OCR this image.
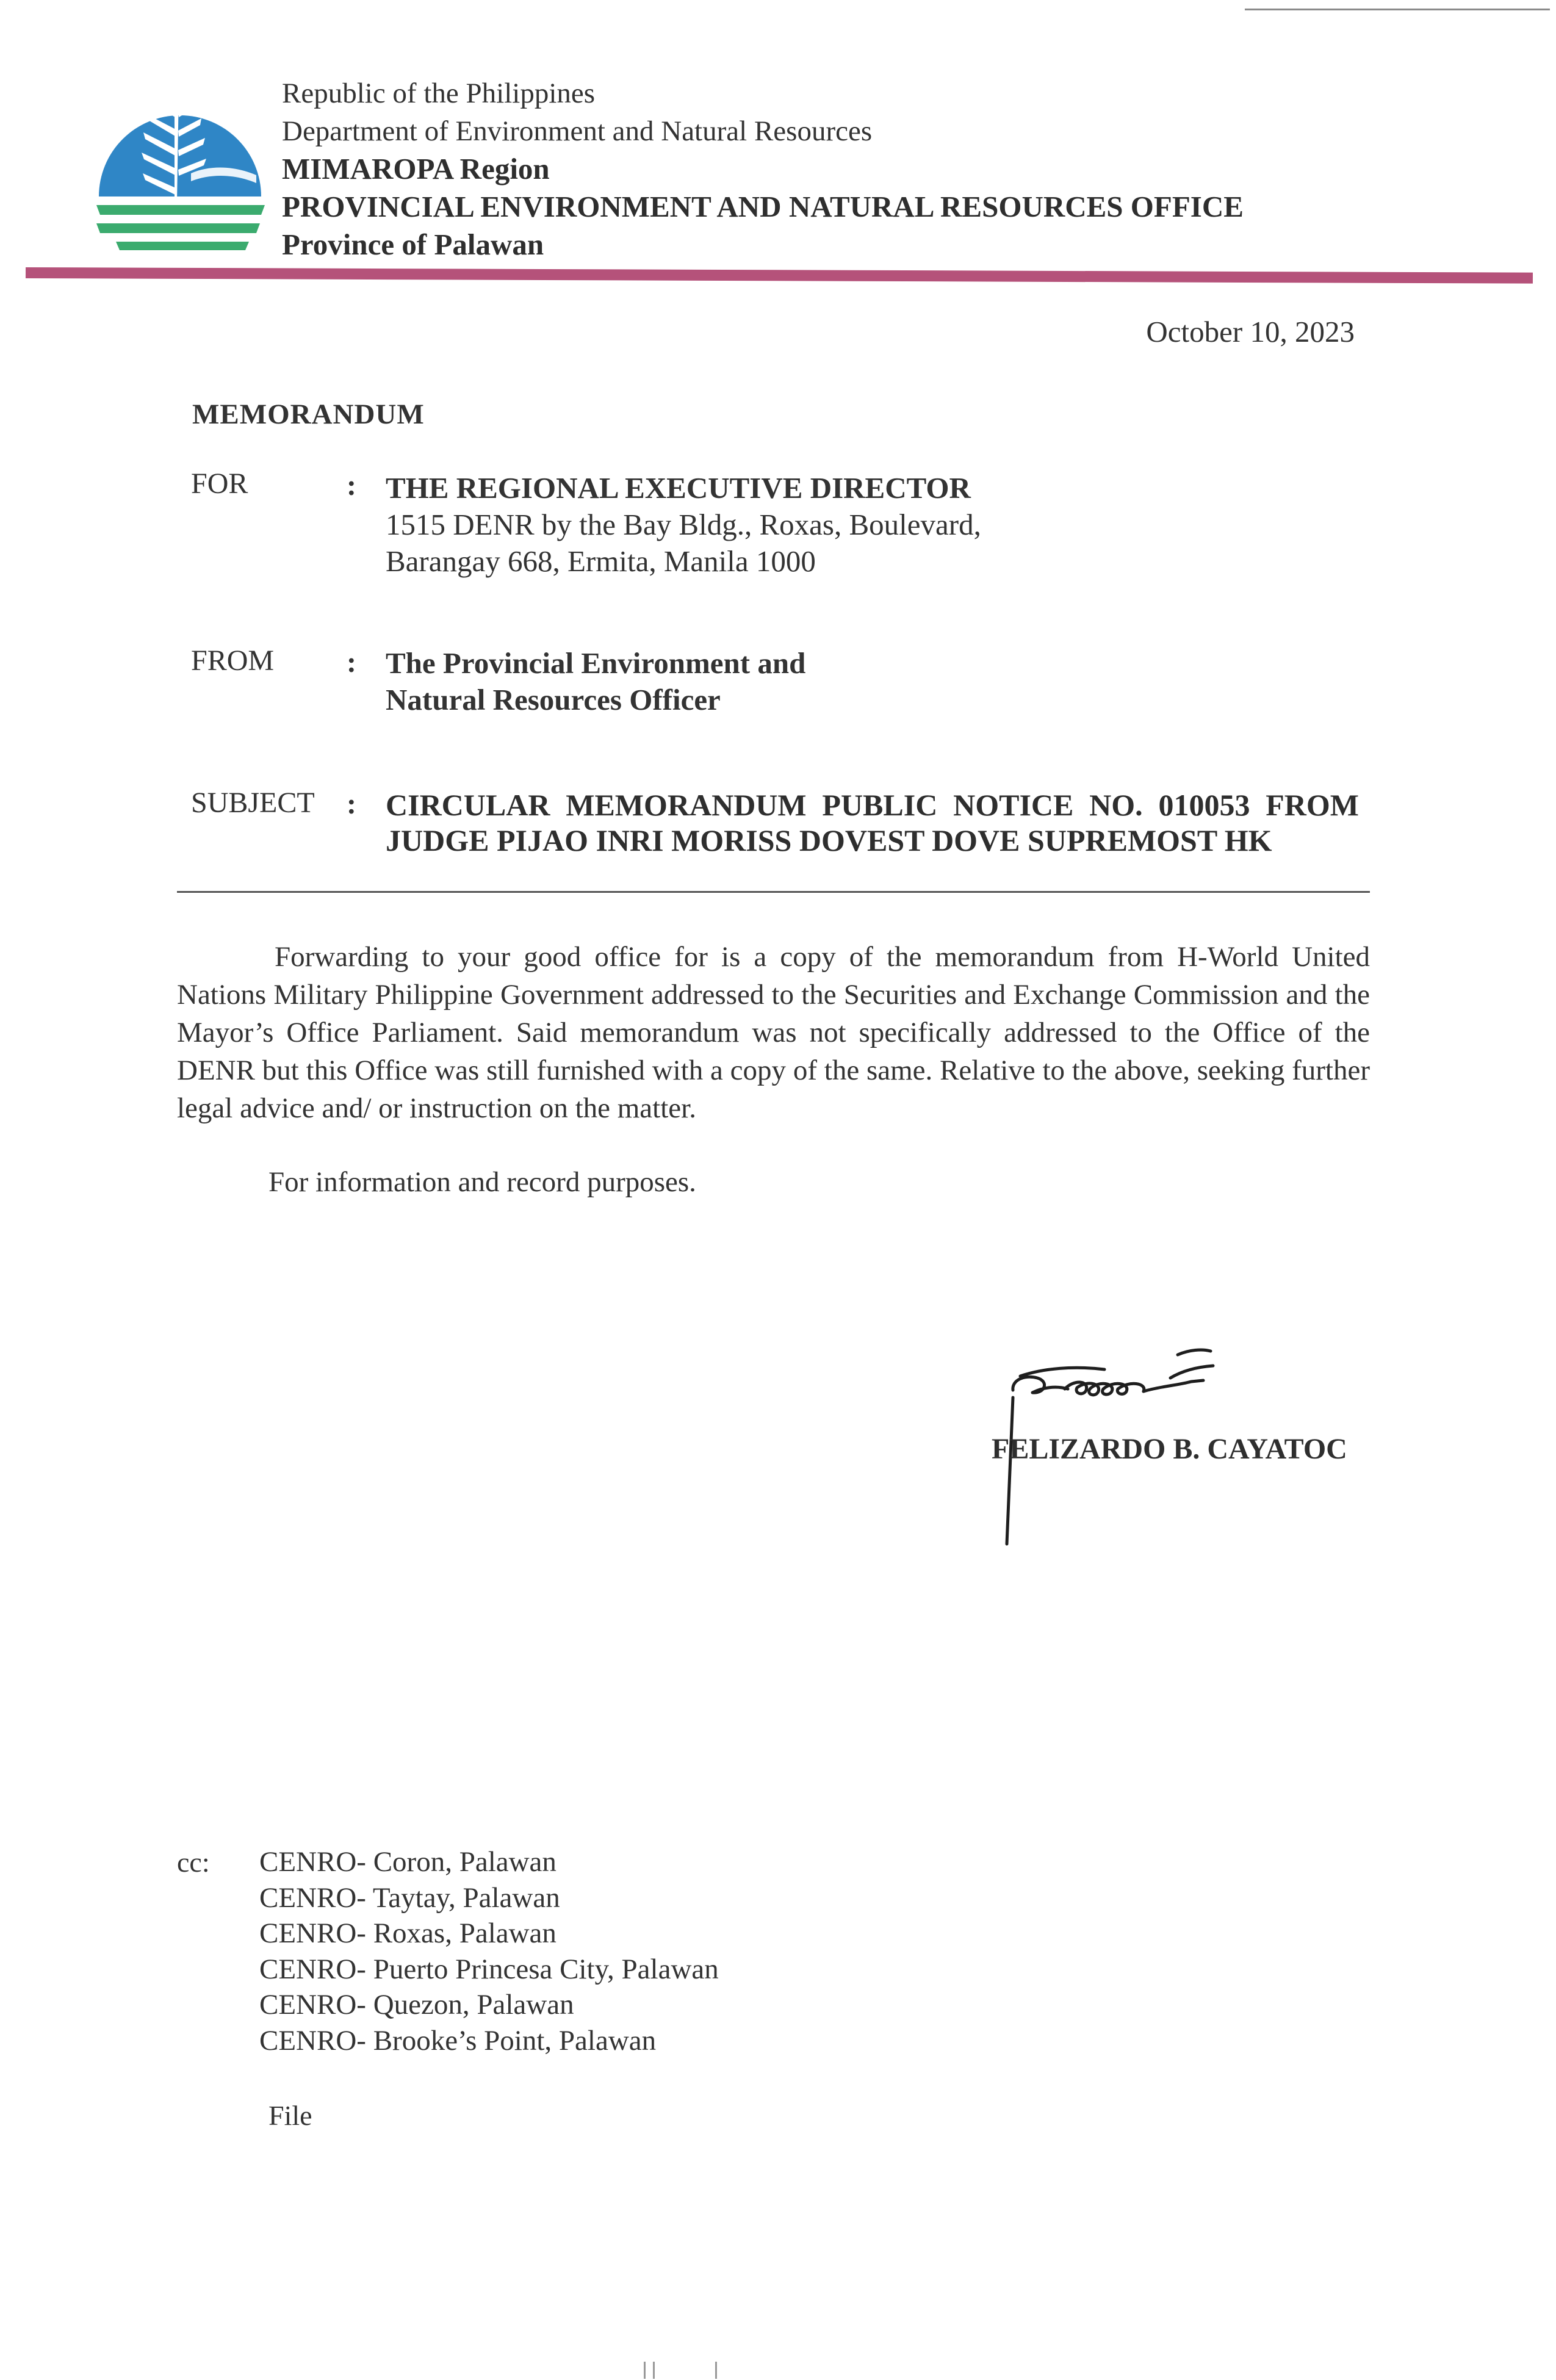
Republic of the Philippines
Department of Environment and Natural Resources
MIMAROPA Region
PROVINCIAL ENVIRONMENT AND NATURAL RESOURCES OFFICE
Province of Palawan
October 10, 2023
MEMORANDUM
FOR	: THE REGIONAL EXECUTIVE DIRECTOR
1515 DENR by the Bay Bldg., Roxas, Boulevard,
Barangay 668, Ermita, Manila 1000
FROM : The Provincial Environment and
Natural Resources Officer
SUBJECT : CIRCULAR MEMORANDUM PUBLIC NOTICE NO. 010053 FROM
JUDGE PIJAO INRI MORISS DOVEST DOVE SUPREMOST HK
Forwarding to your good office for is a copy of the memorandum from H-World United Nations Military Philippine Government addressed to the Securities and Exchange Commission and the Mayor’s Office Parliament. Said memorandum was not specifically addressed to the Office of the DENR but this Office was still furnished with a copy of the same. Relative to the above, seeking further legal advice and/ or instruction on the matter.
For information and record purposes.
FELIZARDO B. CAYATOC
cc: CENRO- Coron, Palawan
CENRO- Taytay, Palawan
CENRO- Roxas, Palawan
CENRO- Puerto Princesa City, Palawan
CENRO- Quezon, Palawan
CENRO- Brooke’s Point, Palawan
File
